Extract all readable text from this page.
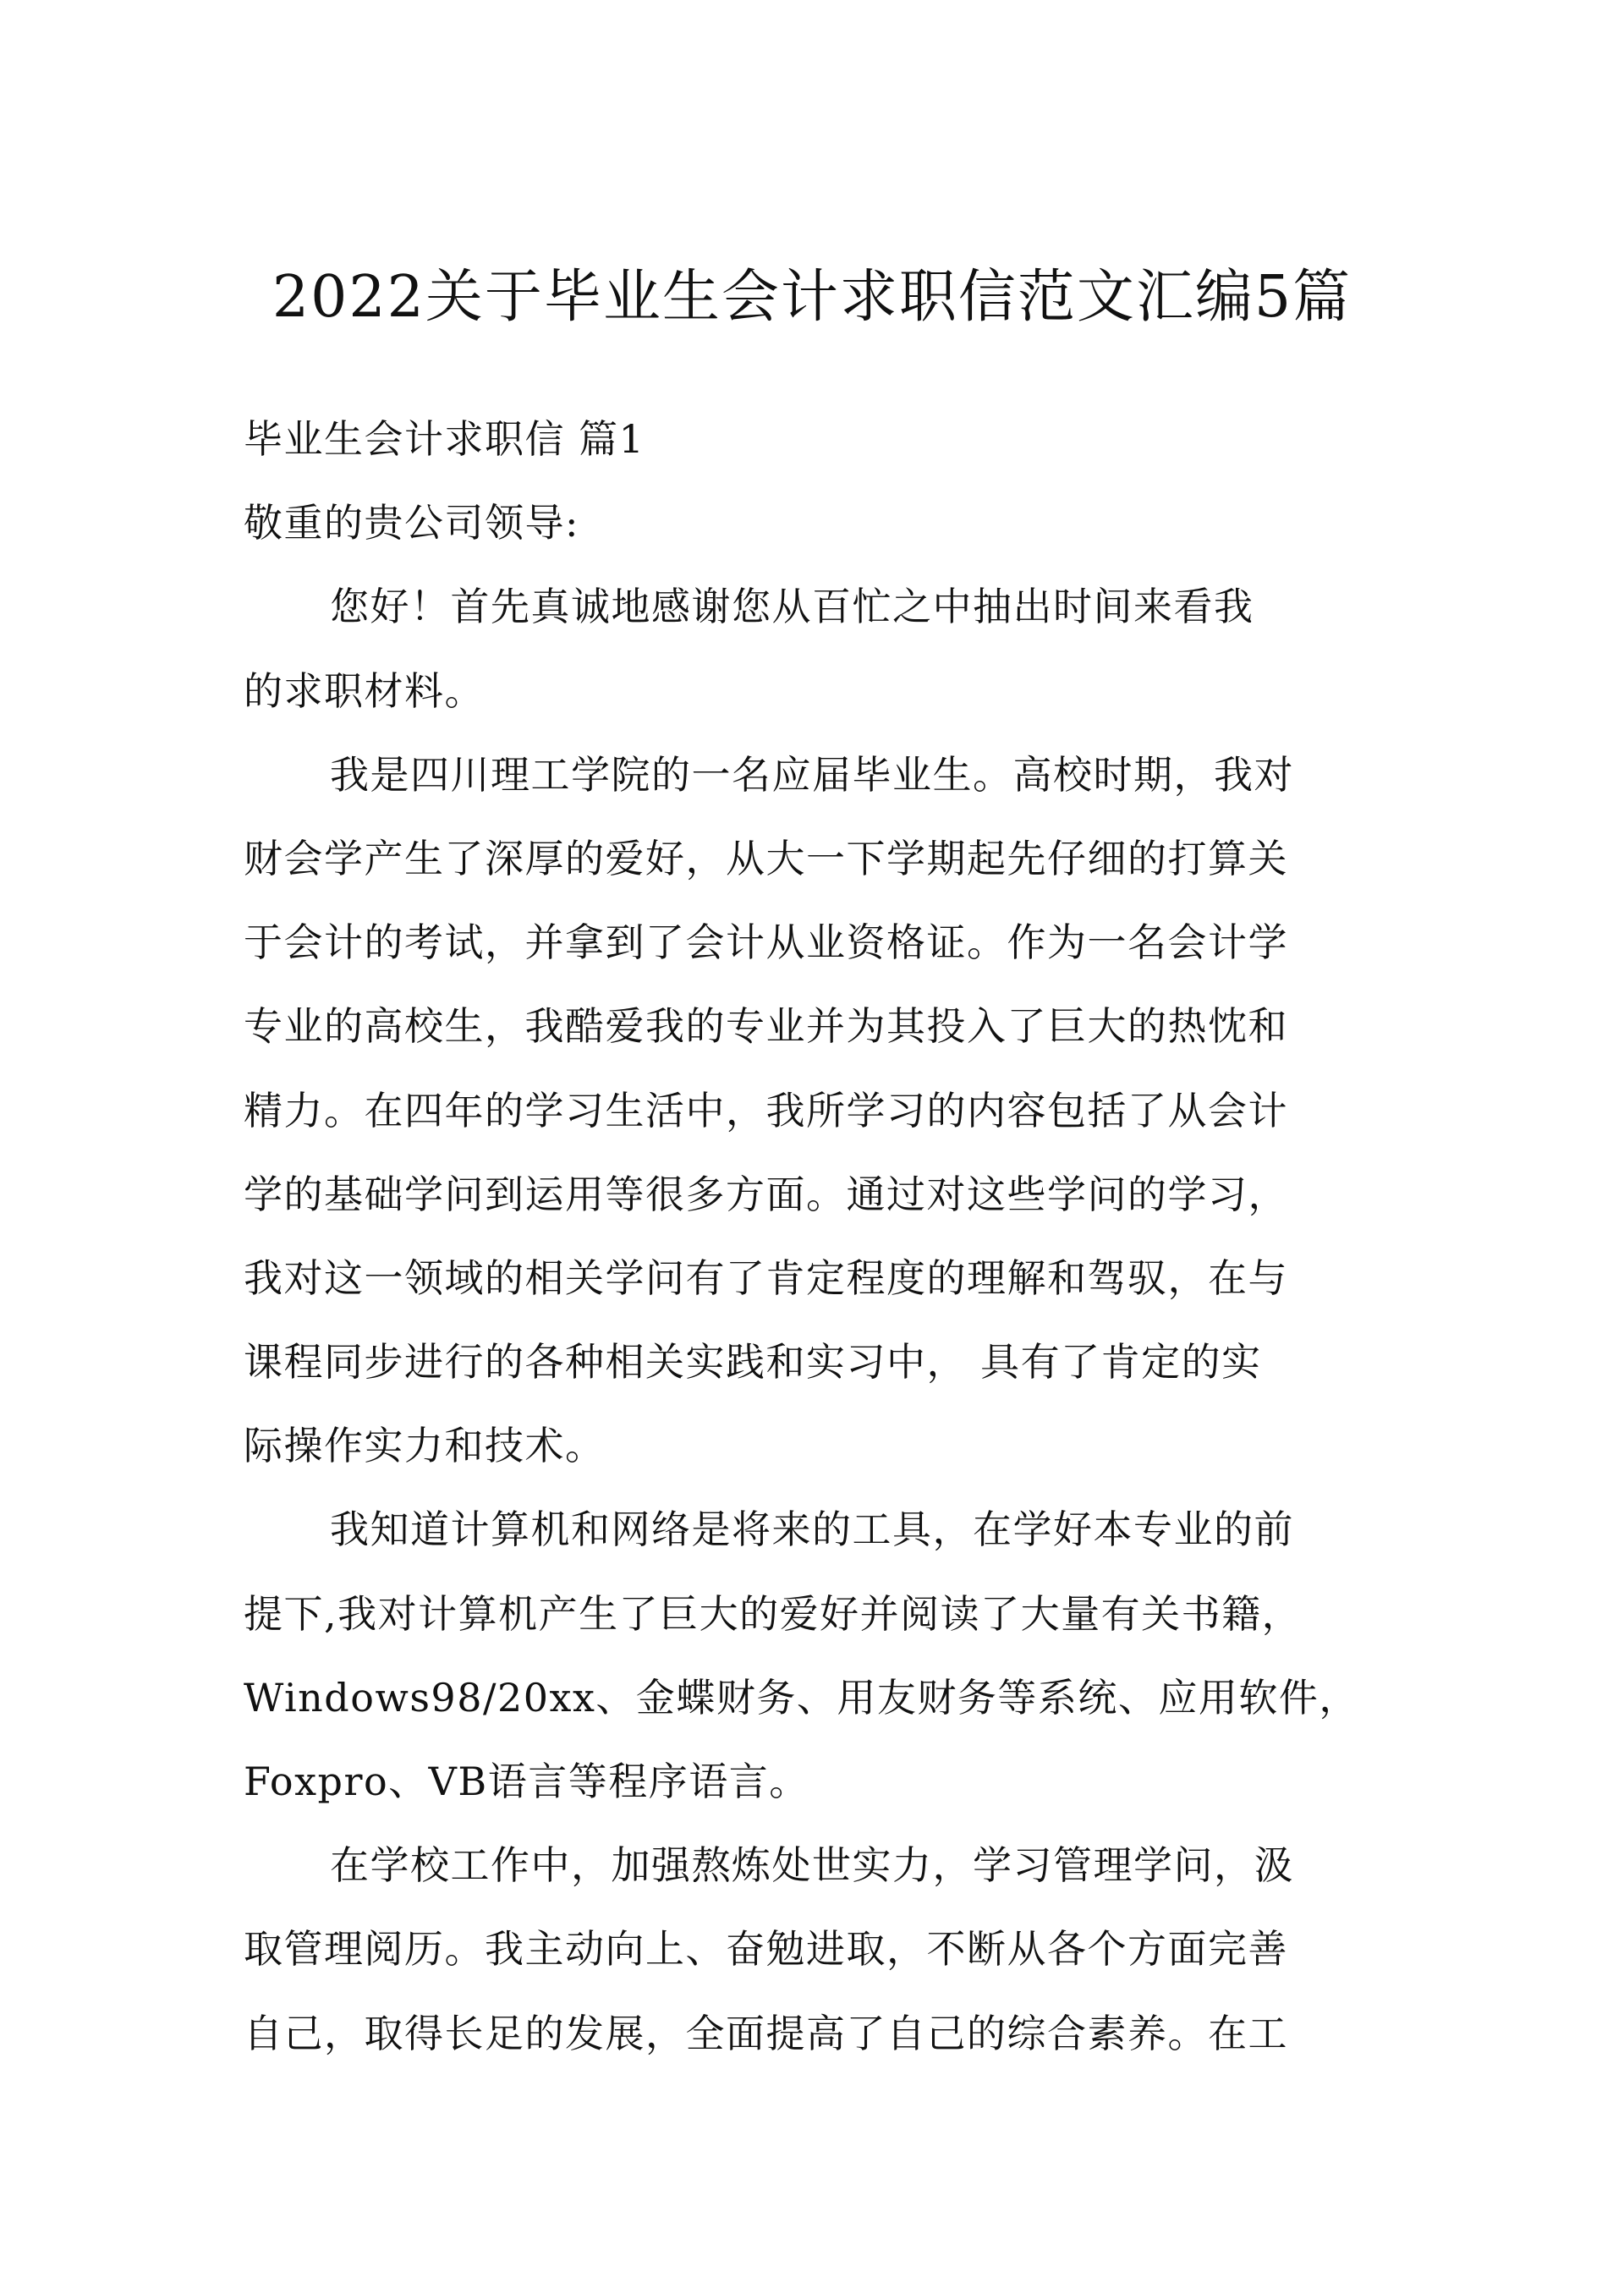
2022关于毕业生会计求职信范文汇编5篇
毕业生会计求职信 篇1
敬重的贵公司领导:
您好！首先真诚地感谢您从百忙之中抽出时间来看我
的求职材料。
我是四川理工学院的一名应届毕业生。高校时期，我对
财会学产生了深厚的爱好，从大一下学期起先仔细的打算关
于会计的考试，并拿到了会计从业资格证。作为一名会计学
专业的高校生，我酷爱我的专业并为其投入了巨大的热忱和
精力。在四年的学习生活中，我所学习的内容包括了从会计
学的基础学问到运用等很多方面。通过对这些学问的学习，
我对这一领域的相关学问有了肯定程度的理解和驾驭，在与
课程同步进行的各种相关实践和实习中， 具有了肯定的实
际操作实力和技术。
我知道计算机和网络是将来的工具，在学好本专业的前
提下,我对计算机产生了巨大的爱好并阅读了大量有关书籍，
Windows98/20xx、金蝶财务、用友财务等系统、应用软件，
Foxpro、VB语言等程序语言。
在学校工作中，加强熬炼处世实力，学习管理学问，汲
取管理阅历。我主动向上、奋勉进取，不断从各个方面完善
自己，取得长足的发展，全面提高了自己的综合素养。在工
